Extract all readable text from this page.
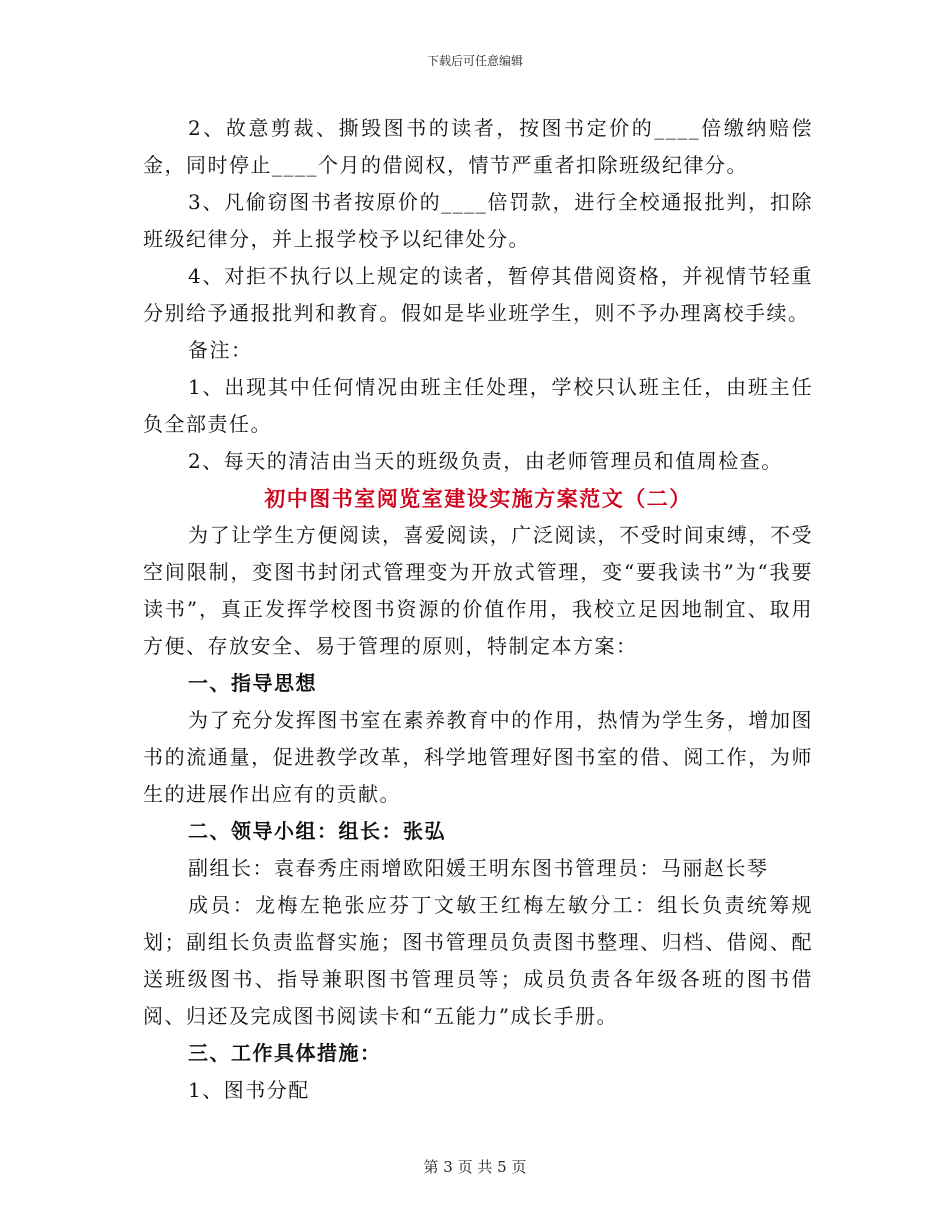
下载后可任意编辑

2、故意剪裁、撕毁图书的读者，按图书定价的____倍缴纳赔偿金，同时停止____个月的借阅权，情节严重者扣除班级纪律分。

3、凡偷窃图书者按原价的____倍罚款，进行全校通报批判，扣除班级纪律分，并上报学校予以纪律处分。

4、对拒不执行以上规定的读者，暂停其借阅资格，并视情节轻重分别给予通报批判和教育。假如是毕业班学生，则不予办理离校手续。

备注：

1、出现其中任何情况由班主任处理，学校只认班主任，由班主任负全部责任。

2、每天的清洁由当天的班级负责，由老师管理员和值周检查。

初中图书室阅览室建设实施方案范文（二）

为了让学生方便阅读，喜爱阅读，广泛阅读，不受时间束缚，不受空间限制，变图书封闭式管理变为开放式管理，变“要我读书”为“我要读书”，真正发挥学校图书资源的价值作用，我校立足因地制宜、取用方便、存放安全、易于管理的原则，特制定本方案：

一、指导思想

为了充分发挥图书室在素养教育中的作用，热情为学生务，增加图书的流通量，促进教学改革，科学地管理好图书室的借、阅工作，为师生的进展作出应有的贡献。

二、领导小组：组长：张弘

副组长：袁春秀庄雨增欧阳媛王明东图书管理员：马丽赵长琴

成员：龙梅左艳张应芬丁文敏王红梅左敏分工：组长负责统筹规划；副组长负责监督实施；图书管理员负责图书整理、归档、借阅、配送班级图书、指导兼职图书管理员等；成员负责各年级各班的图书借阅、归还及完成图书阅读卡和“五能力”成长手册。

三、工作具体措施：

1、图书分配

第 3 页 共 5 页
